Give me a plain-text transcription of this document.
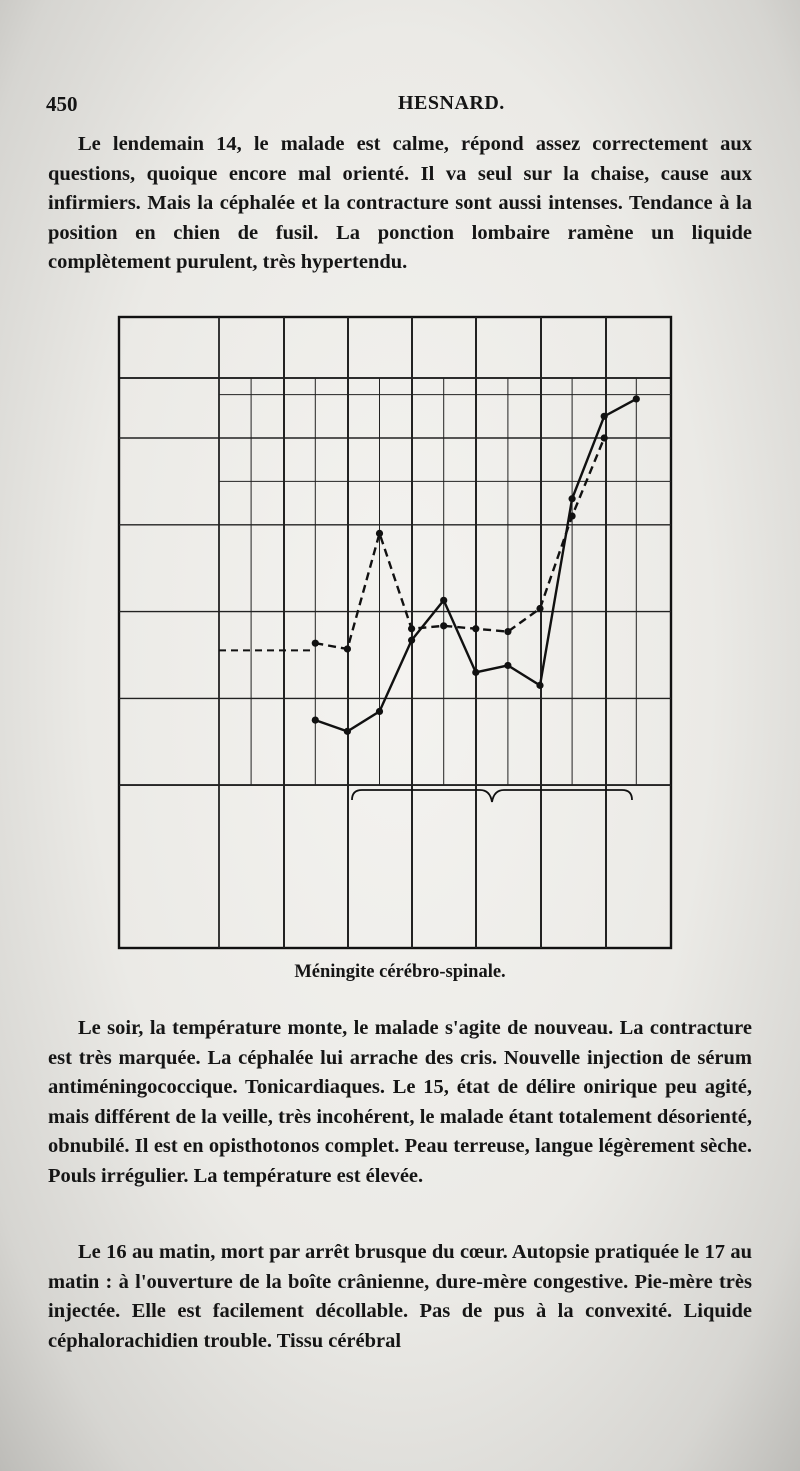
450	HESNARD.

Le lendemain 14, le malade est calme, répond assez correctement aux questions, quoique encore mal orienté. Il va seul sur la chaise, cause aux infirmiers. Mais la céphalée et la contracture sont aussi intenses. Tendance à la position en chien de fusil. La ponction lombaire ramène un liquide complètement purulent, très hypertendu.

Méningite cérébro-spinale.

Le soir, la température monte, le malade s'agite de nouveau. La contracture est très marquée. La céphalée lui arrache des cris. Nouvelle injection de sérum antiméningococcique. Tonicardiaques. Le 15, état de délire onirique peu agité, mais différent de la veille, très incohérent, le malade étant totalement désorienté, obnubilé. Il est en opisthotonos complet. Peau terreuse, langue légèrement sèche. Pouls irrégulier. La température est élevée.

Le 16 au matin, mort par arrêt brusque du cœur. Autopsie pratiquée le 17 au matin : à l'ouverture de la boîte crânienne, dure-mère congestive. Pie-mère très injectée. Elle est facilement décollable. Pas de pus à la convexité. Liquide céphalorachidien trouble. Tissu cérébral
